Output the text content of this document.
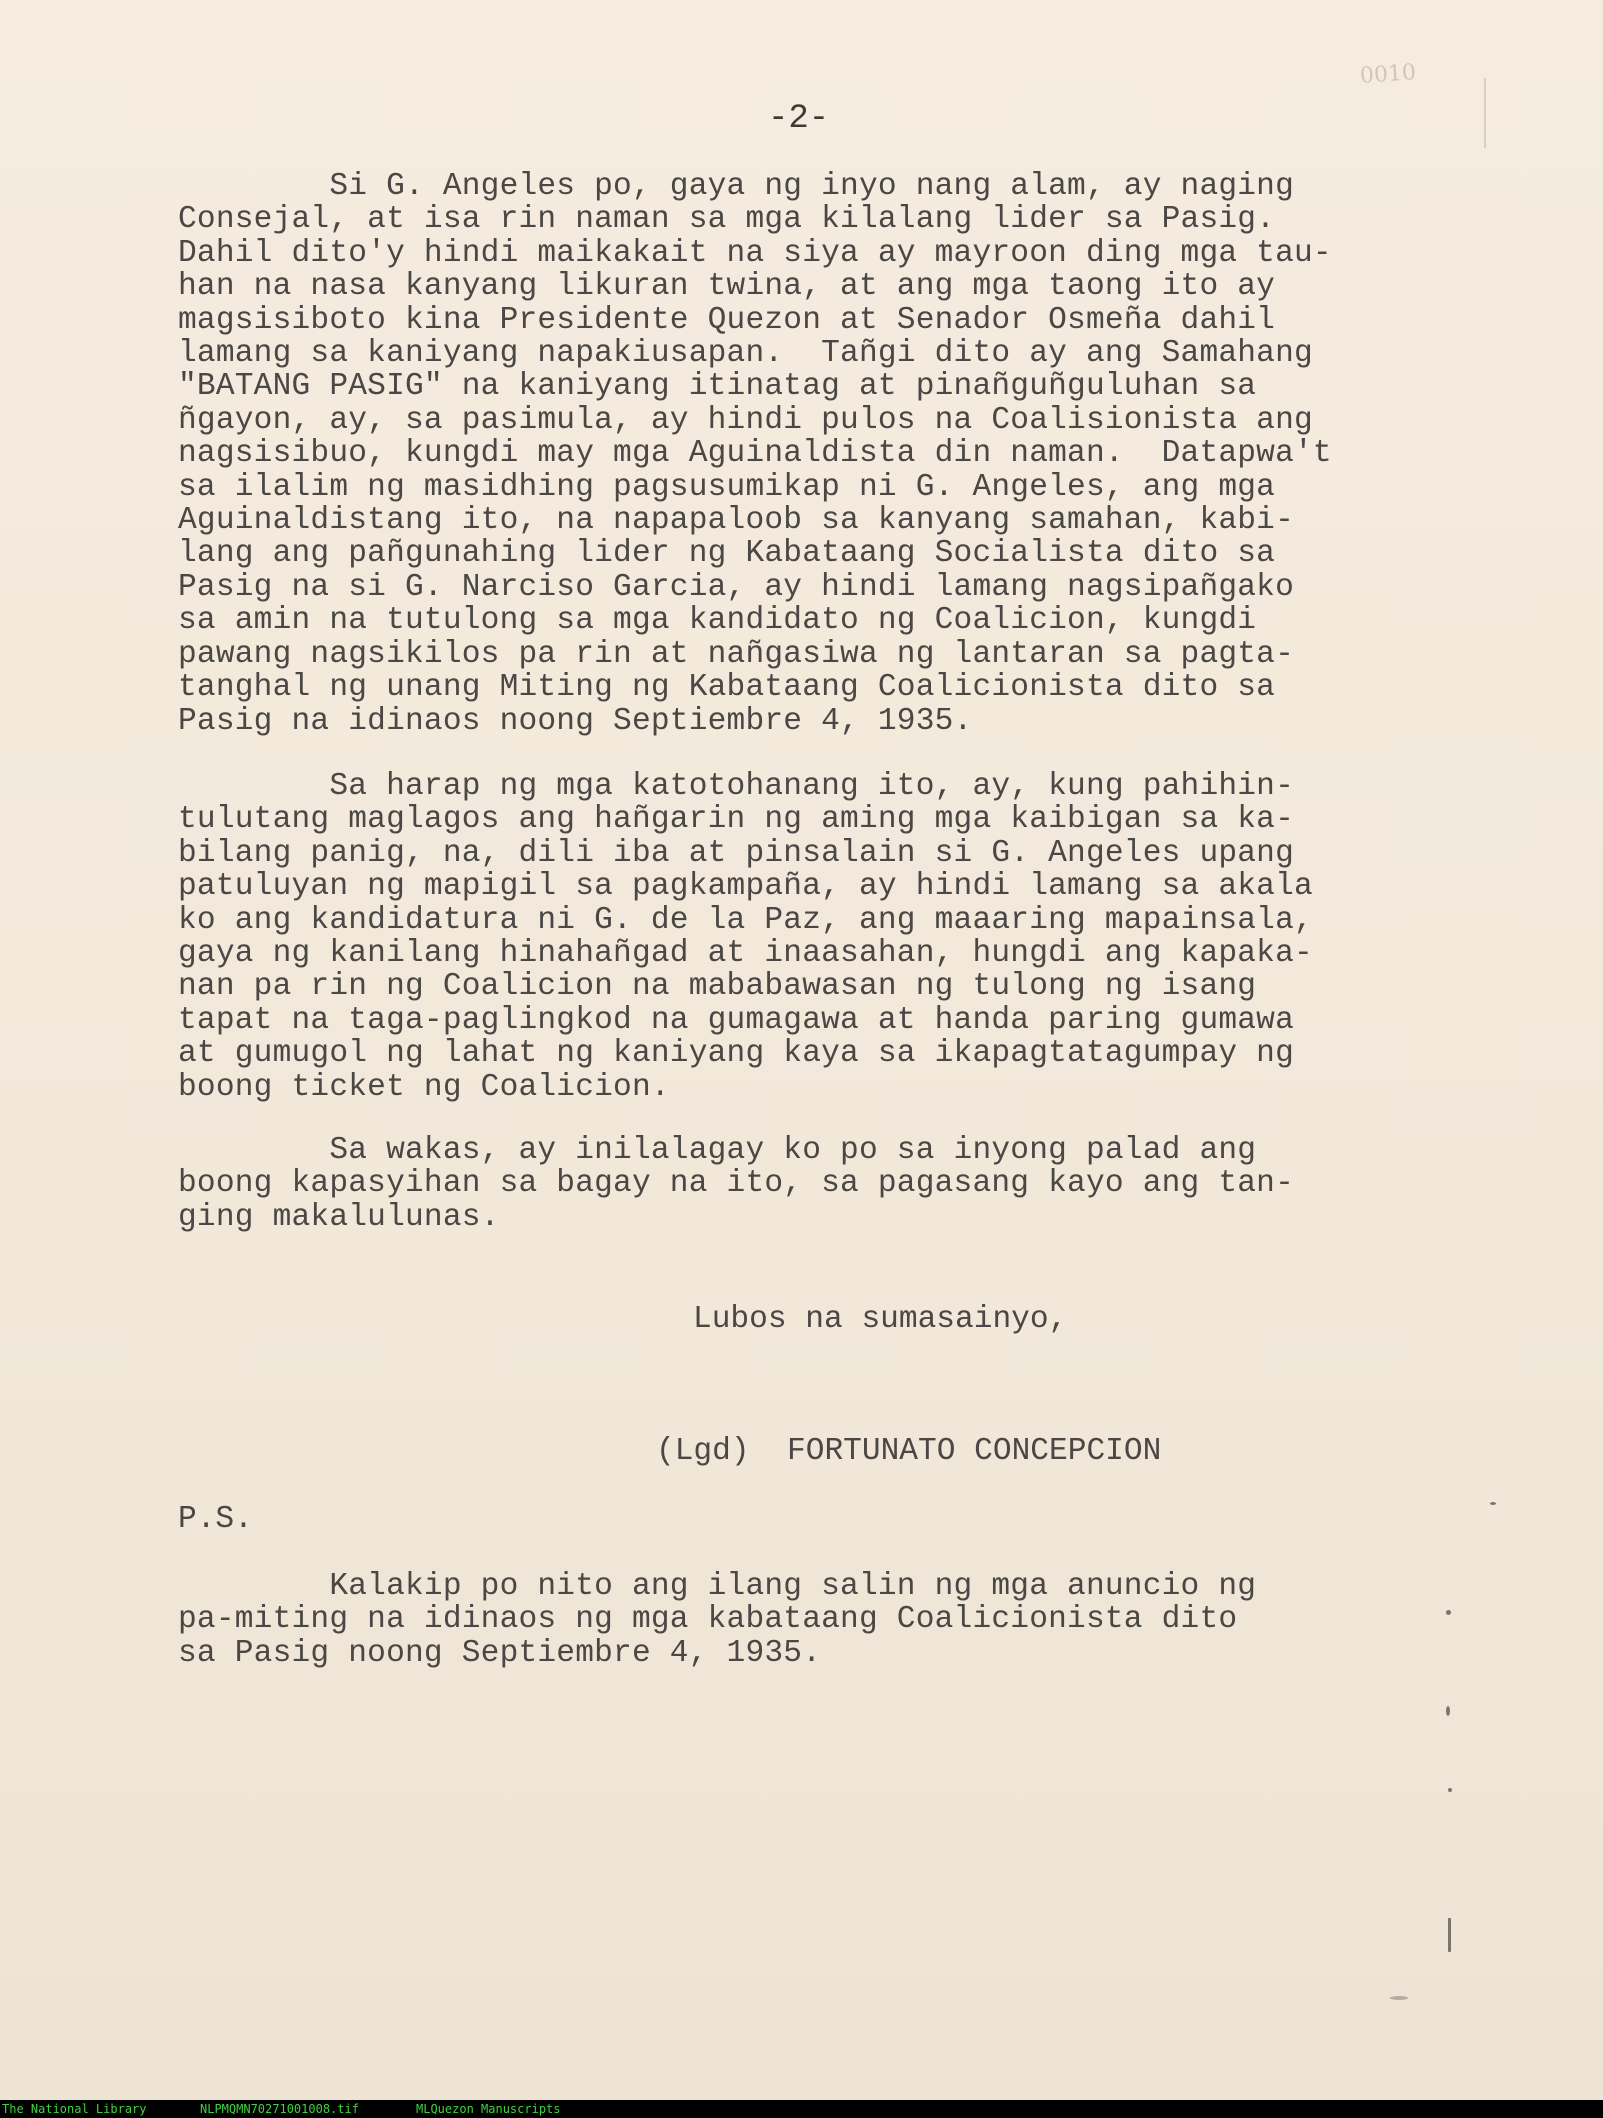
-2-
0010
Si G. Angeles po, gaya ng inyo nang alam, ay naging
Consejal, at isa rin naman sa mga kilalang lider sa Pasig.
Dahil dito'y hindi maikakait na siya ay mayroon ding mga tau-
han na nasa kanyang likuran twina, at ang mga taong ito ay
magsisiboto kina Presidente Quezon at Senador Osmeña dahil
lamang sa kaniyang napakiusapan.  Tañgi dito ay ang Samahang
"BATANG PASIG" na kaniyang itinatag at pinañguñguluhan sa
ñgayon, ay, sa pasimula, ay hindi pulos na Coalisionista ang
nagsisibuo, kungdi may mga Aguinaldista din naman.  Datapwa't
sa ilalim ng masidhing pagsusumikap ni G. Angeles, ang mga
Aguinaldistang ito, na napapaloob sa kanyang samahan, kabi-
lang ang pañgunahing lider ng Kabataang Socialista dito sa
Pasig na si G. Narciso Garcia, ay hindi lamang nagsipañgako
sa amin na tutulong sa mga kandidato ng Coalicion, kungdi
pawang nagsikilos pa rin at nañgasiwa ng lantaran sa pagta-
tanghal ng unang Miting ng Kabataang Coalicionista dito sa
Pasig na idinaos noong Septiembre 4, 1935.
Sa harap ng mga katotohanang ito, ay, kung pahihin-
tulutang maglagos ang hañgarin ng aming mga kaibigan sa ka-
bilang panig, na, dili iba at pinsalain si G. Angeles upang
patuluyan ng mapigil sa pagkampaña, ay hindi lamang sa akala
ko ang kandidatura ni G. de la Paz, ang maaaring mapainsala,
gaya ng kanilang hinahañgad at inaasahan, hungdi ang kapaka-
nan pa rin ng Coalicion na mababawasan ng tulong ng isang
tapat na taga-paglingkod na gumagawa at handa paring gumawa
at gumugol ng lahat ng kaniyang kaya sa ikapagtatagumpay ng
boong ticket ng Coalicion.
Sa wakas, ay inilalagay ko po sa inyong palad ang
boong kapasyihan sa bagay na ito, sa pagasang kayo ang tan-
ging makalulunas.
Lubos na sumasainyo,
(Lgd)  FORTUNATO CONCEPCION
P.S.
Kalakip po nito ang ilang salin ng mga anuncio ng
pa-miting na idinaos ng mga kabataang Coalicionista dito
sa Pasig noong Septiembre 4, 1935.
The National Library	NLPMQMN70271001008.tif	MLQuezon Manuscripts
